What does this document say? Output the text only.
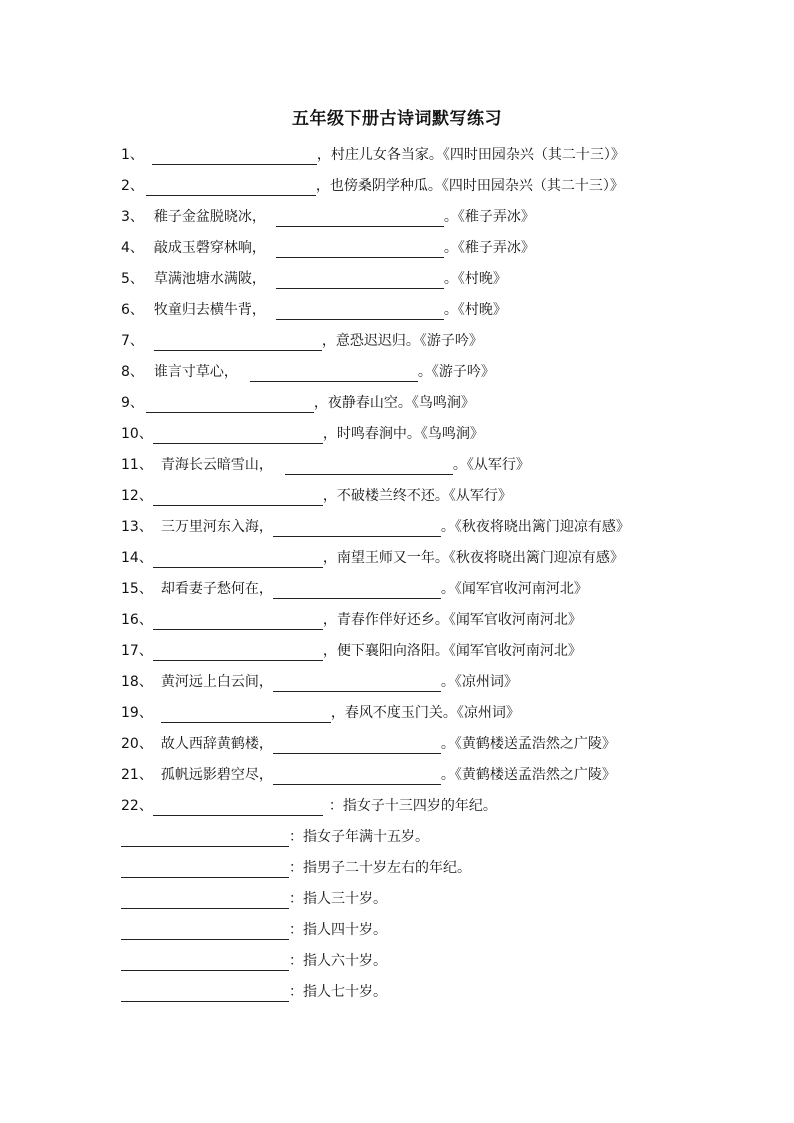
五年级下册古诗词默写练习
1、	，村庄儿女各当家。《四时田园杂兴（其二十三）》
2、	，也傍桑阴学种瓜。《四时田园杂兴（其二十三）》
3、 稚子金盆脱晓冰，	。《稚子弄冰》
4、 敲成玉磬穿林响，	。《稚子弄冰》
5、 草满池塘水满陂，	。《村晚》
6、 牧童归去横牛背，	。《村晚》
7、	，意恐迟迟归。《游子吟》
8、 谁言寸草心，	。《游子吟》
9、	，夜静春山空。《鸟鸣涧》
10、	，时鸣春涧中。《鸟鸣涧》
11、 青海长云暗雪山，	。《从军行》
12、	，不破楼兰终不还。《从军行》
13、 三万里河东入海，	。《秋夜将晓出篱门迎凉有感》
14、	，南望王师又一年。《秋夜将晓出篱门迎凉有感》
15、 却看妻子愁何在，	。《闻军官收河南河北》
16、	，青春作伴好还乡。《闻军官收河南河北》
17、	，便下襄阳向洛阳。《闻军官收河南河北》
18、 黄河远上白云间，	。《凉州词》
19、	，春风不度玉门关。《凉州词》
20、 故人西辞黄鹤楼，	。《黄鹤楼送孟浩然之广陵》
21、 孤帆远影碧空尽，	。《黄鹤楼送孟浩然之广陵》
22、	：指女子十三四岁的年纪。
：指女子年满十五岁。
：指男子二十岁左右的年纪。
：指人三十岁。
：指人四十岁。
：指人六十岁。
：指人七十岁。
